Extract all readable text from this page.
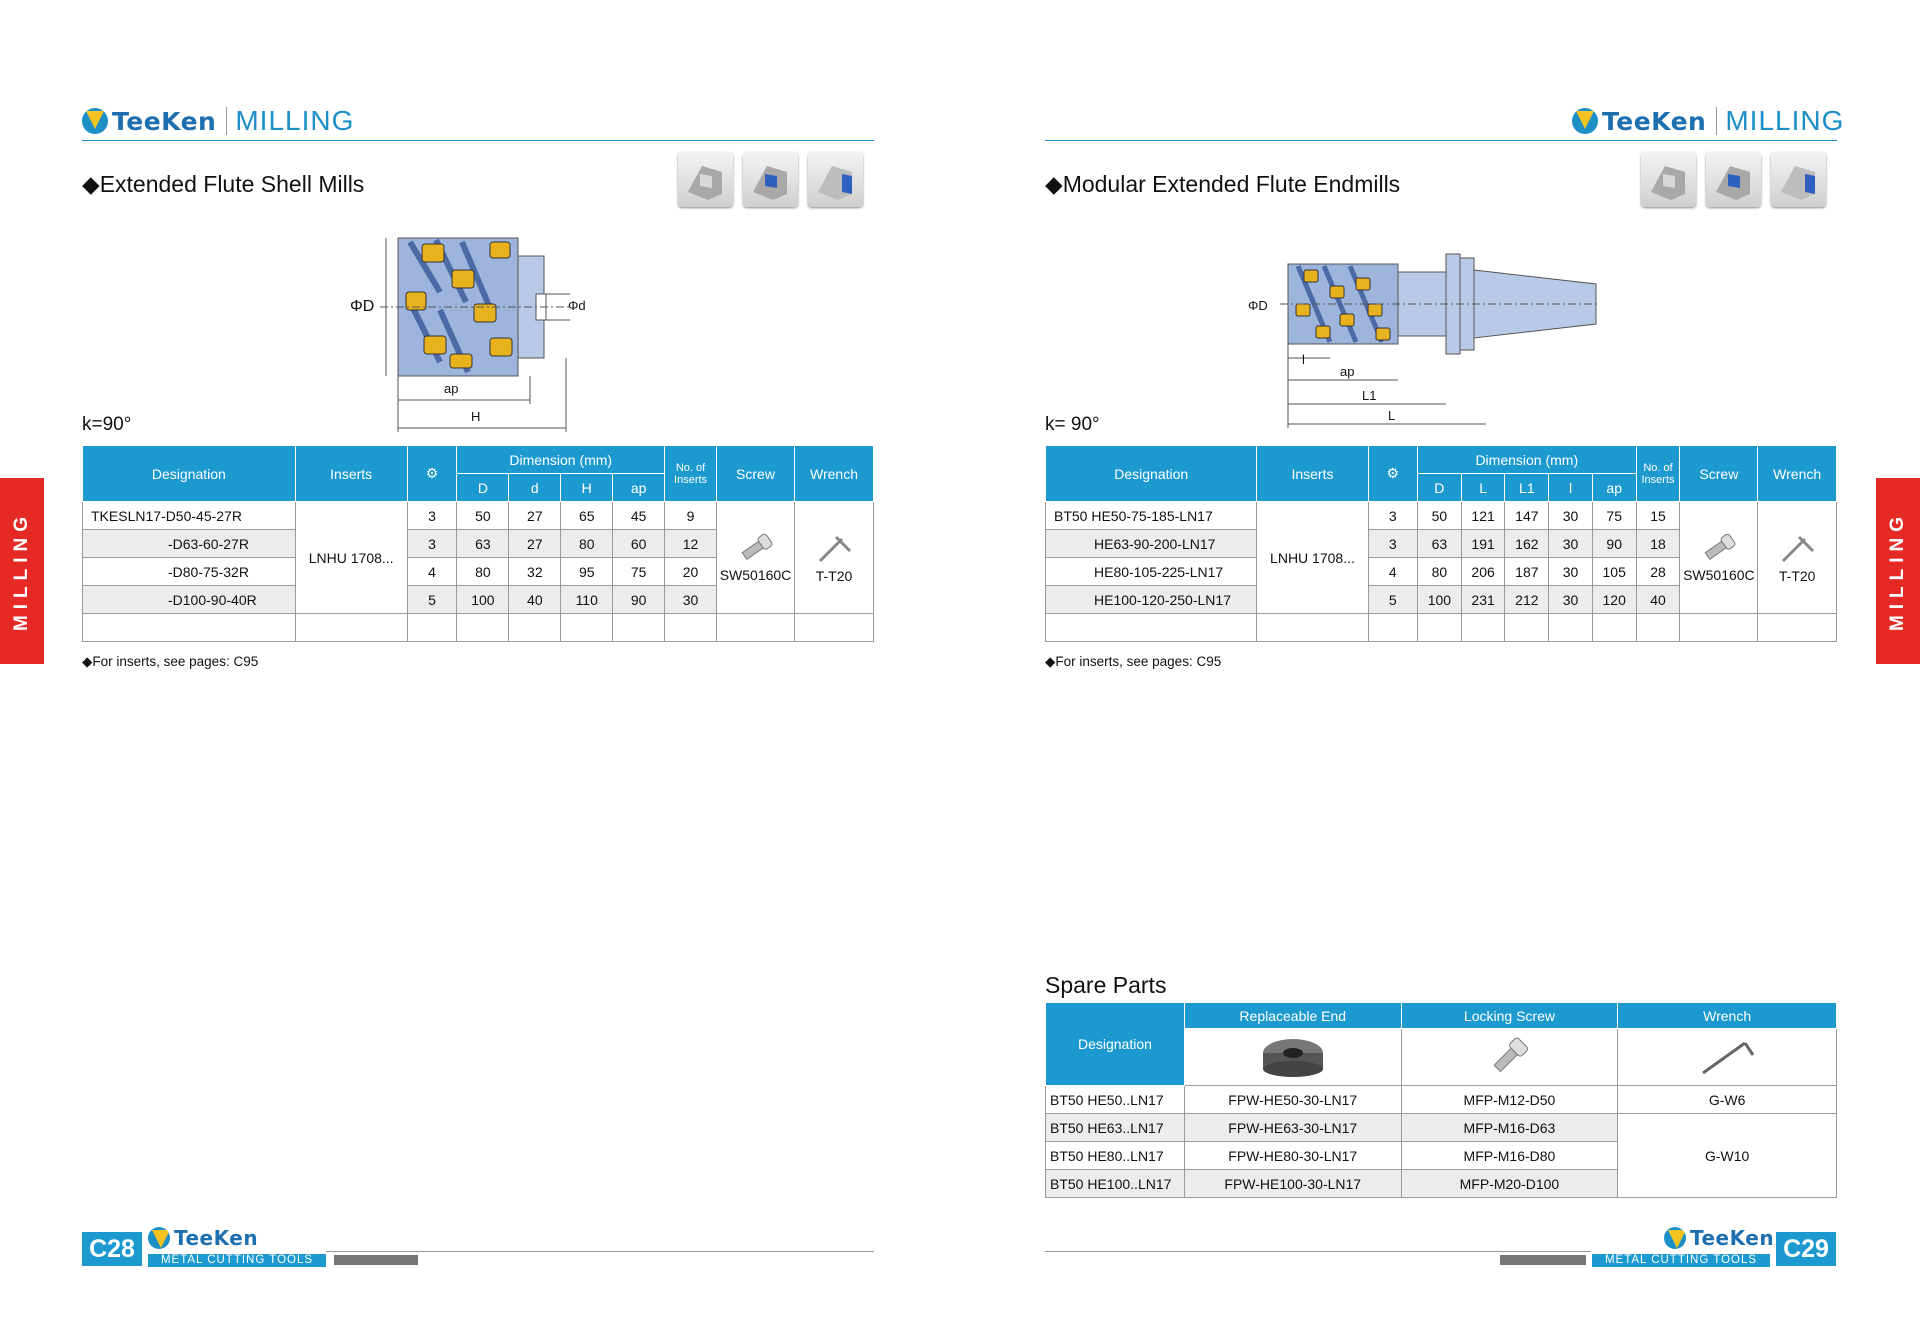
TeeKen MILLING
◆Extended Flute Shell Mills
ΦD	Φd
ap
H
k=90°
Designation	Inserts	⚙	Dimension (mm)				No. of Inserts	Screw	Wrench
			D	d	H	ap			
TKESLN17-D50-45-27R	LNHU 1708...	3	50	27	65	45	9	SW50160C	T-T20

-D63-60-27R		3	63	27	80	60	12		
-D80-75-32R		4	80	32	95	75	20		
-D100-90-40R		5	100	40	110	90	30		

◆For inserts, see pages: C95
MILLING
C28	TeeKen
METAL CUTTING TOOLS
TeeKen MILLING
◆Modular Extended Flute Endmills
ΦD
l
ap
L1
L
k= 90°
Designation	Inserts	⚙	Dimension (mm)					No. of Inserts	Screw	Wrench
			D	L	L1	l	ap			
BT50 HE50-75-185-LN17	LNHU 1708...	3	50	121	147	30	75	15	SW50160C	T-T20

HE63-90-200-LN17		3	63	191	162	30	90	18		
HE80-105-225-LN17		4	80	206	187	30	105	28		
HE100-120-250-LN17		5	100	231	212	30	120	40		

◆For inserts, see pages: C95
MILLING
Spare Parts
Designation	Replaceable End	Locking Screw	Wrench

BT50 HE50..LN17	FPW-HE50-30-LN17	MFP-M12-D50	G-W6
BT50 HE63..LN17	FPW-HE63-30-LN17	MFP-M16-D63	G-W10
BT50 HE80..LN17	FPW-HE80-30-LN17	MFP-M16-D80	
BT50 HE100..LN17	FPW-HE100-30-LN17	MFP-M20-D100	
TeeKen
METAL CUTTING TOOLS	C29
